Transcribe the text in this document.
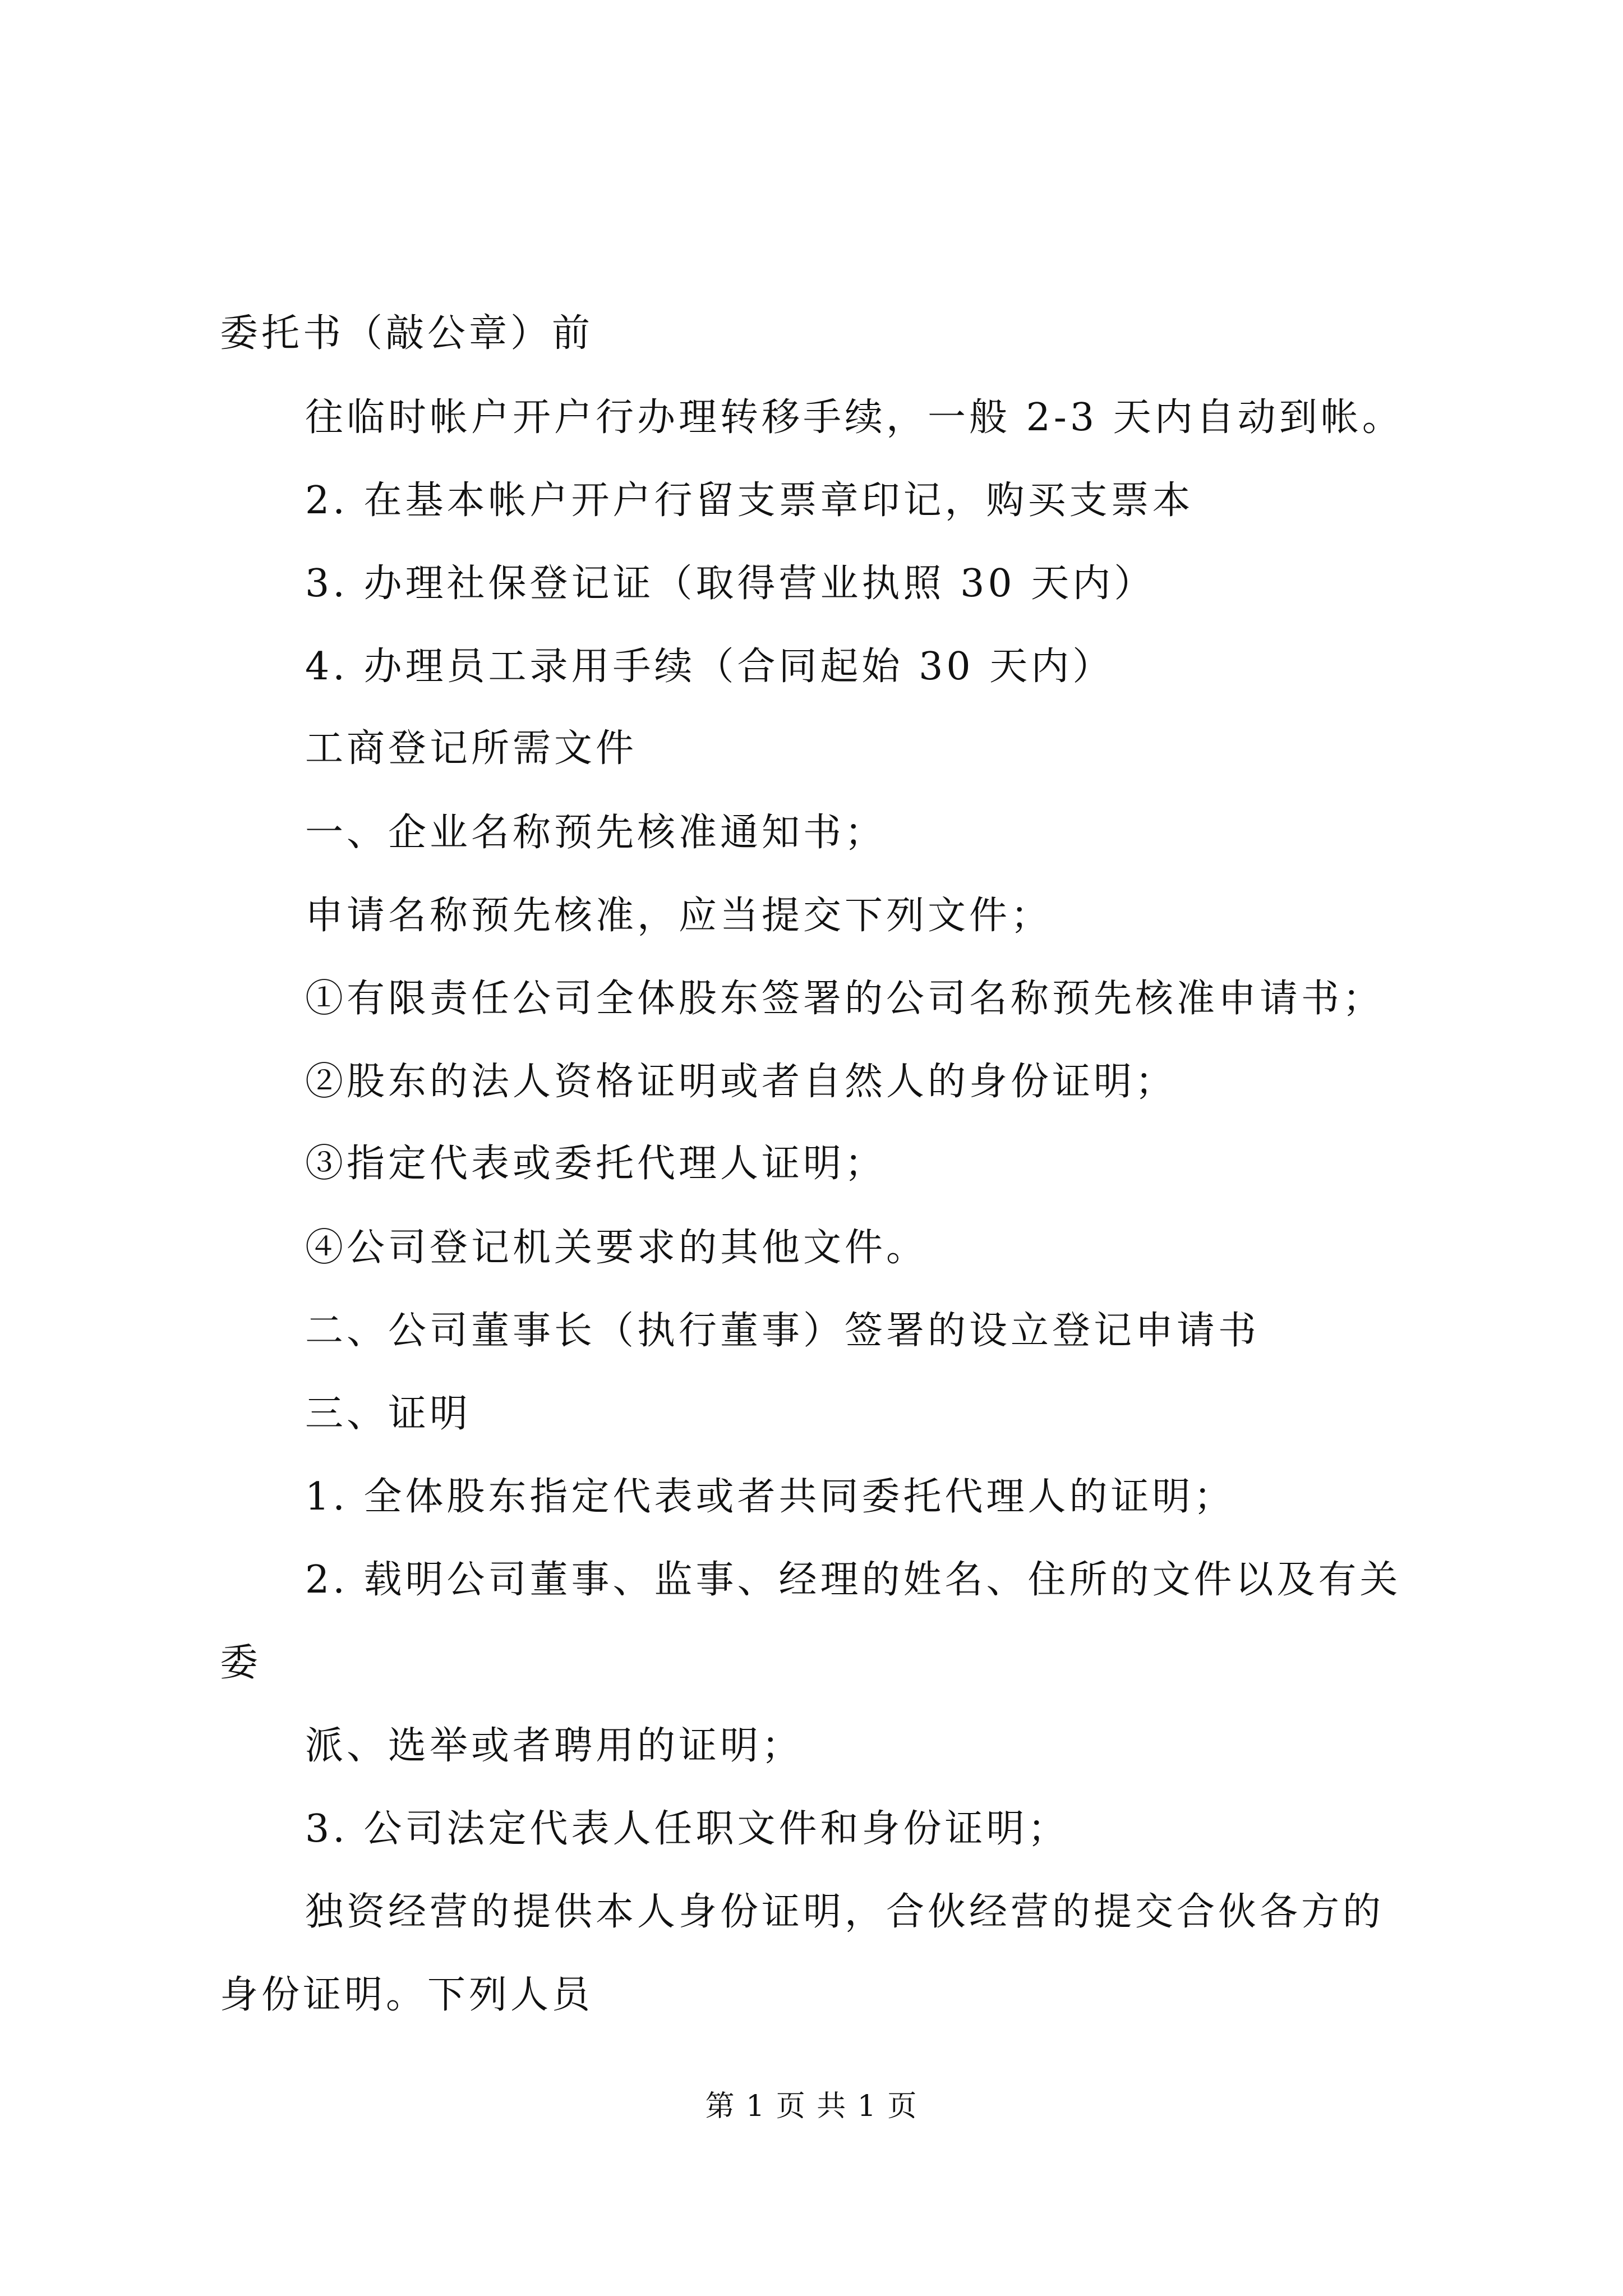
委托书（敲公章）前
往临时帐户开户行办理转移手续，一般 2-3 天内自动到帐。
2. 在基本帐户开户行留支票章印记，购买支票本
3. 办理社保登记证（取得营业执照 30 天内）
4. 办理员工录用手续（合同起始 30 天内）
工商登记所需文件
一、企业名称预先核准通知书；
申请名称预先核准，应当提交下列文件；
①有限责任公司全体股东签署的公司名称预先核准申请书；
②股东的法人资格证明或者自然人的身份证明；
③指定代表或委托代理人证明；
④公司登记机关要求的其他文件。
二、公司董事长（执行董事）签署的设立登记申请书
三、证明
1. 全体股东指定代表或者共同委托代理人的证明；
2. 载明公司董事、监事、经理的姓名、住所的文件以及有关
委
派、选举或者聘用的证明；
3. 公司法定代表人任职文件和身份证明；
独资经营的提供本人身份证明，合伙经营的提交合伙各方的
身份证明。下列人员
第 1 页 共 1 页
